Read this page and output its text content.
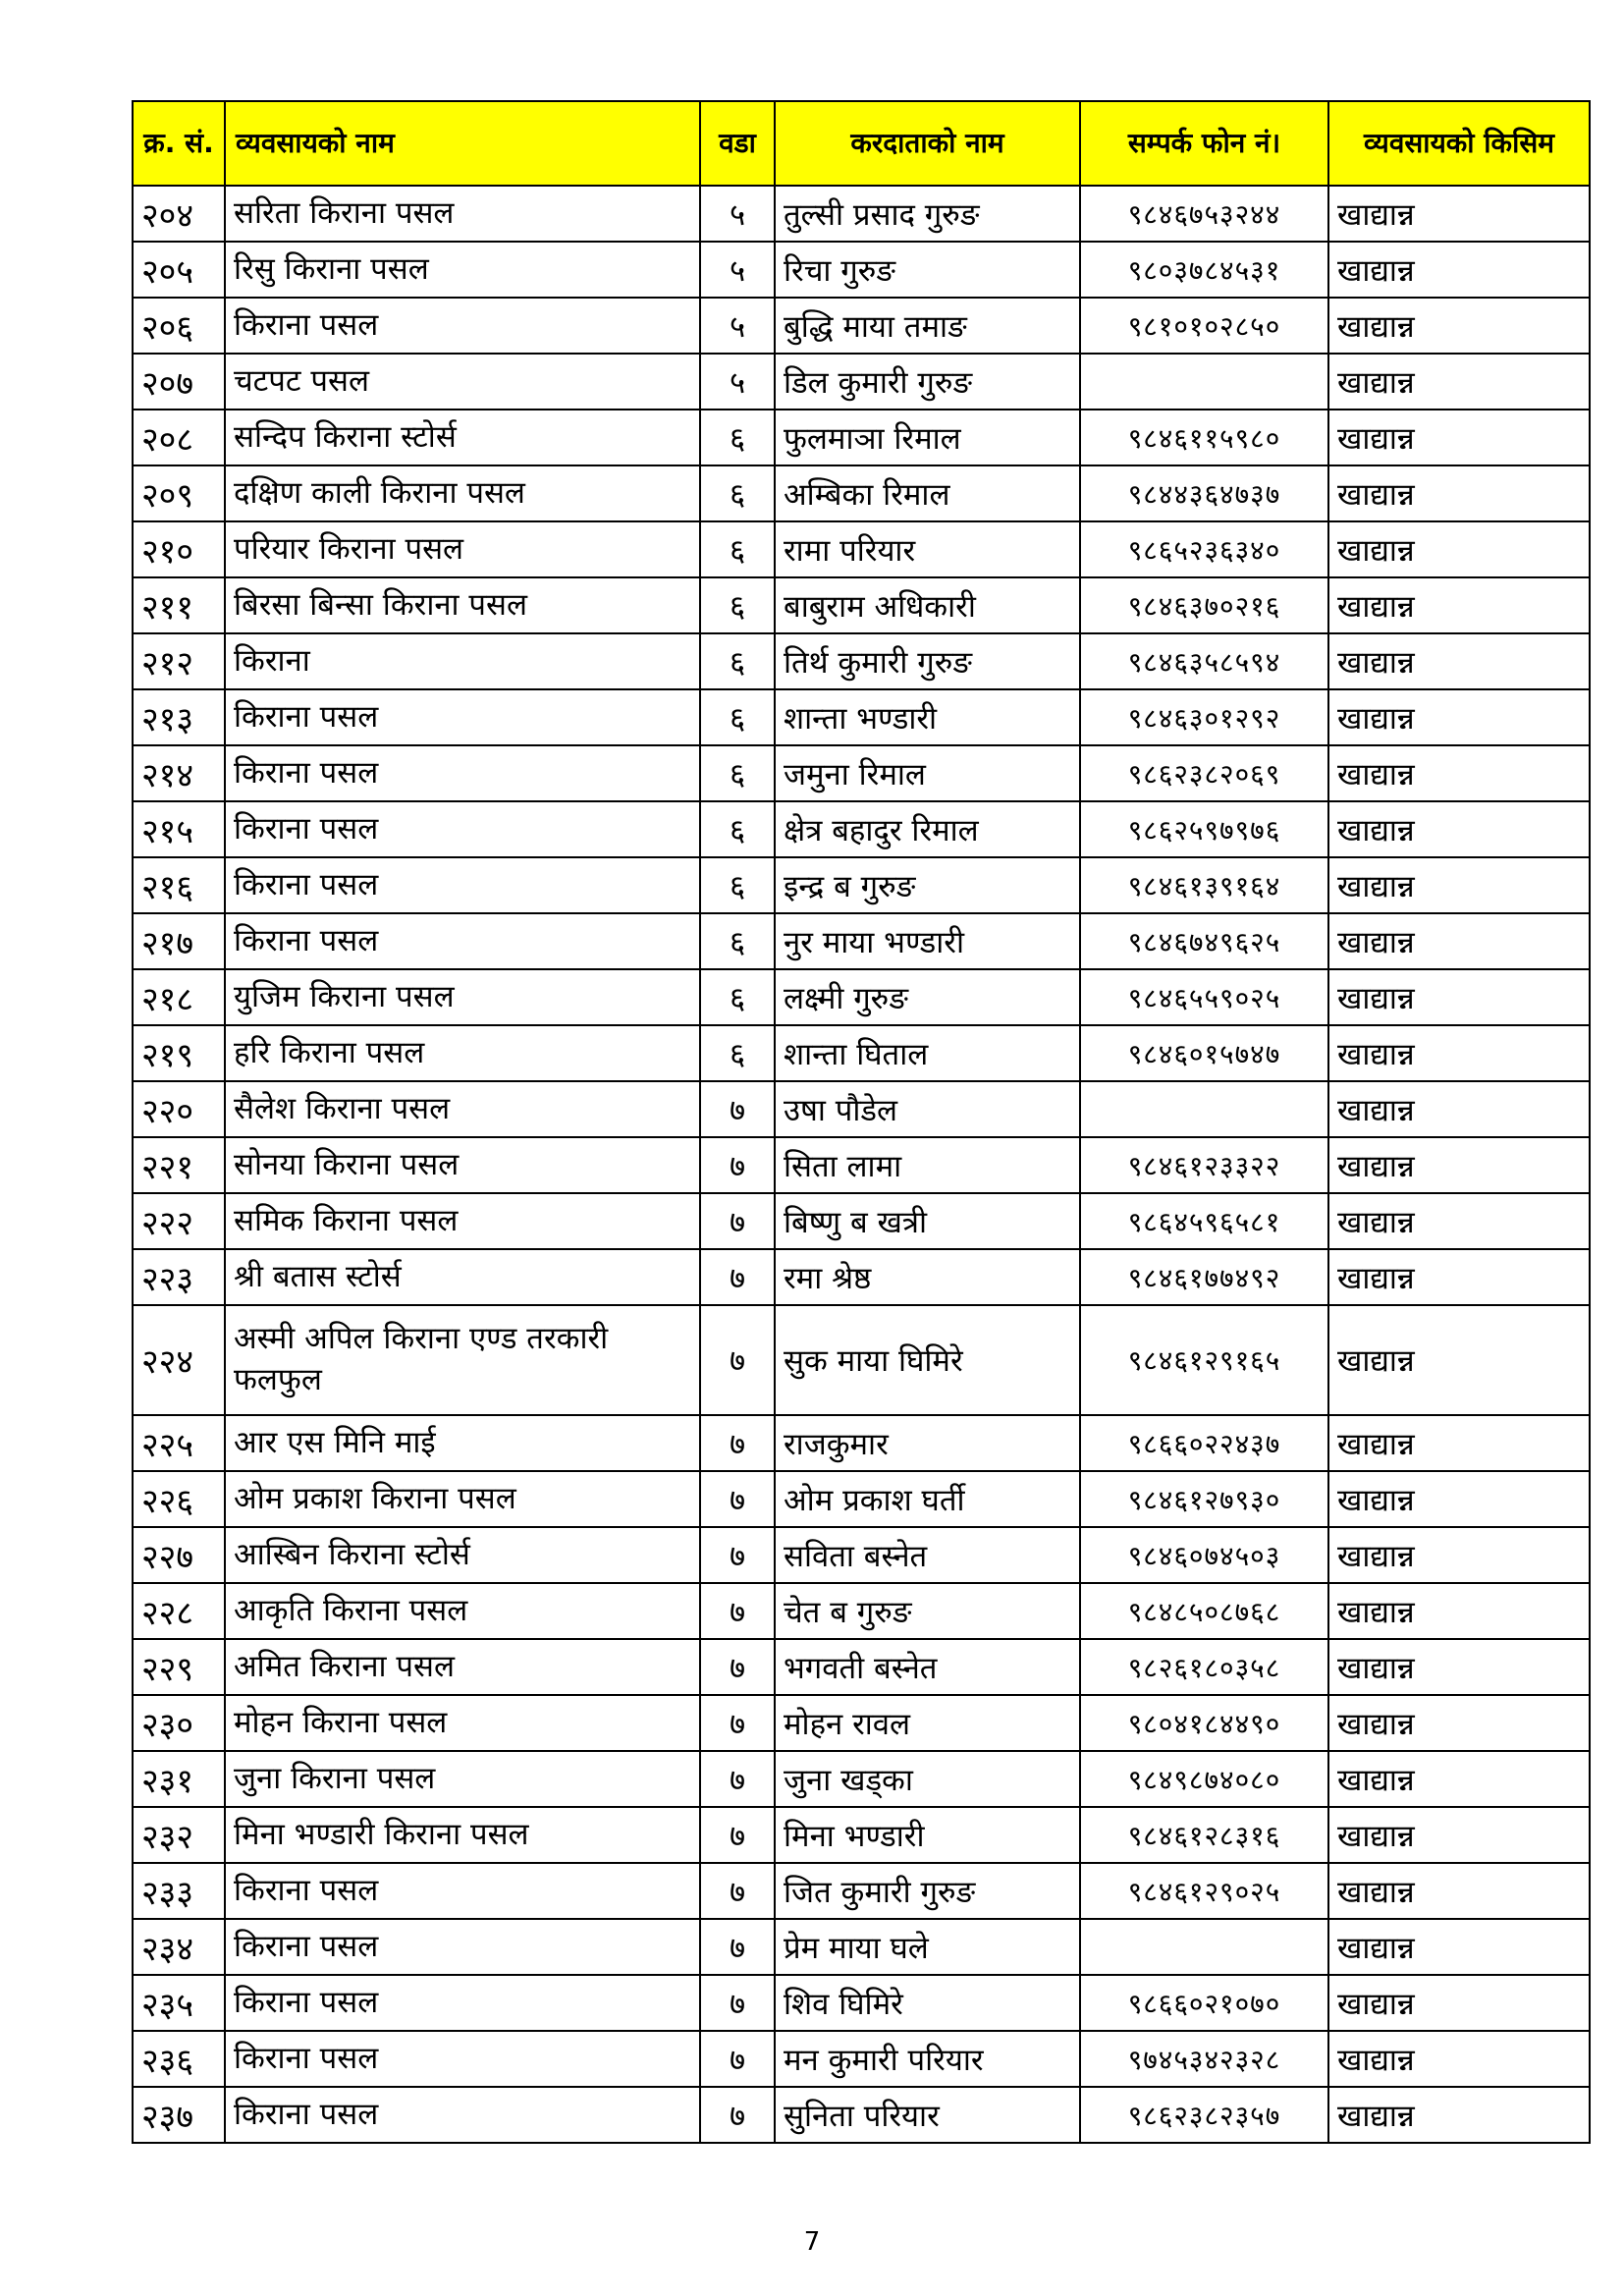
क्र. सं.	व्यवसायको नाम	वडा	करदाताको नाम	सम्पर्क फोन नं।	व्यवसायको किसिम
२०४	सरिता किराना पसल	५	तुल्सी प्रसाद गुरुङ	९८४६७५३२४४	खाद्यान्न
२०५	रिसु किराना पसल	५	रिचा गुरुङ	९८०३७८४५३१	खाद्यान्न
२०६	किराना पसल	५	बुद्धि माया तमाङ	९८१०१०२८५०	खाद्यान्न
२०७	चटपट पसल	५	डिल कुमारी गुरुङ		खाद्यान्न
२०८	सन्दिप किराना स्टोर्स	६	फुलमाञा रिमाल	९८४६११५९८०	खाद्यान्न
२०९	दक्षिण काली किराना पसल	६	अम्बिका रिमाल	९८४४३६४७३७	खाद्यान्न
२१०	परियार किराना पसल	६	रामा परियार	९८६५२३६३४०	खाद्यान्न
२११	बिरसा बिन्सा किराना पसल	६	बाबुराम अधिकारी	९८४६३७०२१६	खाद्यान्न
२१२	किराना	६	तिर्थ कुमारी गुरुङ	९८४६३५८५९४	खाद्यान्न
२१३	किराना पसल	६	शान्ता भण्डारी	९८४६३०१२९२	खाद्यान्न
२१४	किराना पसल	६	जमुना रिमाल	९८६२३८२०६९	खाद्यान्न
२१५	किराना पसल	६	क्षेत्र बहादुर रिमाल	९८६२५९७९७६	खाद्यान्न
२१६	किराना पसल	६	इन्द्र ब गुरुङ	९८४६१३९१६४	खाद्यान्न
२१७	किराना पसल	६	नुर माया भण्डारी	९८४६७४९६२५	खाद्यान्न
२१८	युजिम किराना पसल	६	लक्ष्मी गुरुङ	९८४६५५९०२५	खाद्यान्न
२१९	हरि किराना पसल	६	शान्ता घिताल	९८४६०१५७४७	खाद्यान्न
२२०	सैलेश किराना पसल	७	उषा पौडेल		खाद्यान्न
२२१	सोनया किराना पसल	७	सिता लामा	९८४६१२३३२२	खाद्यान्न
२२२	समिक किराना पसल	७	बिष्णु ब खत्री	९८६४५९६५८१	खाद्यान्न
२२३	श्री बतास स्टोर्स	७	रमा श्रेष्ठ	९८४६१७७४९२	खाद्यान्न
२२४	अस्मी अपिल किराना एण्ड तरकारी फलफुल	७	सुक माया घिमिरे	९८४६१२९१६५	खाद्यान्न
२२५	आर एस मिनि माई	७	राजकुमार	९८६६०२२४३७	खाद्यान्न
२२६	ओम प्रकाश किराना पसल	७	ओम प्रकाश घर्ती	९८४६१२७९३०	खाद्यान्न
२२७	आस्बिन किराना स्टोर्स	७	सविता बस्नेत	९८४६०७४५०३	खाद्यान्न
२२८	आकृति किराना पसल	७	चेत ब गुरुङ	९८४८५०८७६८	खाद्यान्न
२२९	अमित किराना पसल	७	भगवती बस्नेत	९८२६१८०३५८	खाद्यान्न
२३०	मोहन किराना पसल	७	मोहन रावल	९८०४१८४४९०	खाद्यान्न
२३१	जुना किराना पसल	७	जुना खड्का	९८४९८७४०८०	खाद्यान्न
२३२	मिना भण्डारी किराना पसल	७	मिना भण्डारी	९८४६१२८३१६	खाद्यान्न
२३३	किराना पसल	७	जित कुमारी गुरुङ	९८४६१२९०२५	खाद्यान्न
२३४	किराना पसल	७	प्रेम माया घले		खाद्यान्न
२३५	किराना पसल	७	शिव घिमिरे	९८६६०२१०७०	खाद्यान्न
२३६	किराना पसल	७	मन कुमारी परियार	९७४५३४२३२८	खाद्यान्न
२३७	किराना पसल	७	सुनिता परियार	९८६२३८२३५७	खाद्यान्न
7
